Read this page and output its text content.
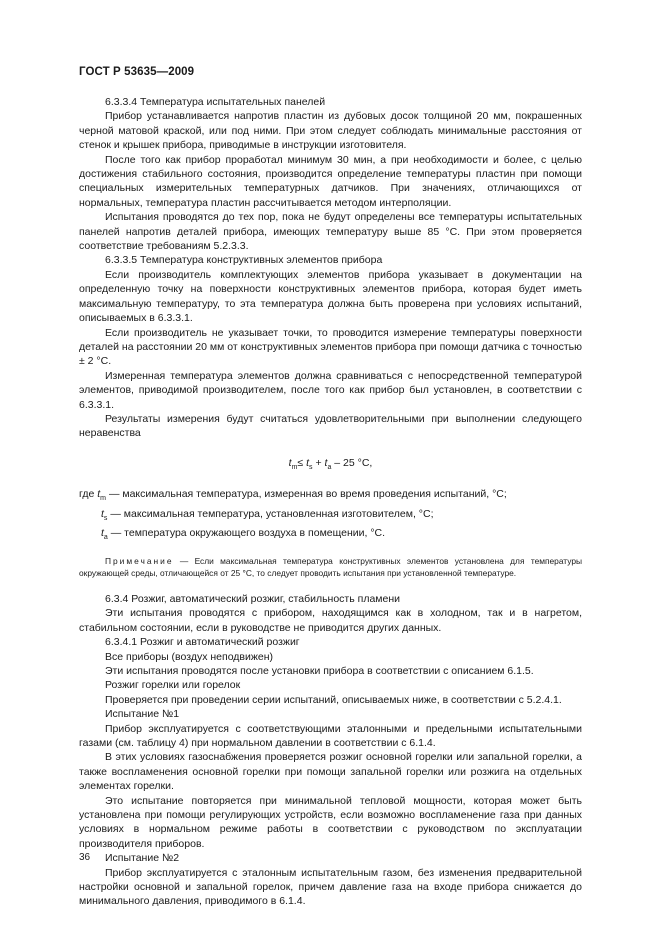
ГОСТ Р 53635—2009

6.3.3.4 Температура испытательных панелей

Прибор устанавливается напротив пластин из дубовых досок толщиной 20 мм, покрашенных черной матовой краской, или под ними. При этом следует соблюдать минимальные расстояния от стенок и крышек прибора, приводимые в инструкции изготовителя.

После того как прибор проработал минимум 30 мин, а при необходимости и более, с целью достижения стабильного состояния, производится определение температуры пластин при помощи специальных измерительных температурных датчиков. При значениях, отличающихся от нормальных, температура пластин рассчитывается методом интерполяции.

Испытания проводятся до тех пор, пока не будут определены все температуры испытательных панелей напротив деталей прибора, имеющих температуру выше 85 °C. При этом проверяется соответствие требованиям 5.2.3.3.

6.3.3.5 Температура конструктивных элементов прибора

Если производитель комплектующих элементов прибора указывает в документации на определенную точку на поверхности конструктивных элементов прибора, которая будет иметь максимальную температуру, то эта температура должна быть проверена при условиях испытаний, описываемых в 6.3.3.1.

Если производитель не указывает точки, то проводится измерение температуры поверхности деталей на расстоянии 20 мм от конструктивных элементов прибора при помощи датчика с точностью ± 2 °C.

Измеренная температура элементов должна сравниваться с непосредственной температурой элементов, приводимой производителем, после того как прибор был установлен, в соответствии с 6.3.3.1.

Результаты измерения будут считаться удовлетворительными при выполнении следующего неравенства

$t_m\le t_s + t_a - 25$ °C,
где $t_m$ — максимальная температура, измеренная во время проведения испытаний, °C;
$t_s$ — максимальная температура, установленная изготовителем, °C;
$t_a$ — температура окружающего воздуха в помещении, °C.

Примечание — Если максимальная температура конструктивных элементов установлена для температуры окружающей среды, отличающейся от 25 °C, то следует проводить испытания при установленной температуре.

6.3.4 Розжиг, автоматический розжиг, стабильность пламени

Эти испытания проводятся с прибором, находящимся как в холодном, так и в нагретом, стабильном состоянии, если в руководстве не приводится других данных.

6.3.4.1 Розжиг и автоматический розжиг

Все приборы (воздух неподвижен)

Эти испытания проводятся после установки прибора в соответствии с описанием 6.1.5.

Розжиг горелки или горелок

Проверяется при проведении серии испытаний, описываемых ниже, в соответствии с 5.2.4.1.

Испытание №1

Прибор эксплуатируется с соответствующими эталонными и предельными испытательными газами (см. таблицу 4) при нормальном давлении в соответствии с 6.1.4.

В этих условиях газоснабжения проверяется розжиг основной горелки или запальной горелки, а также воспламенения основной горелки при помощи запальной горелки или розжига на отдельных элементах горелки.

Это испытание повторяется при минимальной тепловой мощности, которая может быть установлена при помощи регулирующих устройств, если возможно воспламенение газа при данных условиях в нормальном режиме работы в соответствии с руководством по эксплуатации производителя приборов.

Испытание №2

Прибор эксплуатируется с эталонным испытательным газом, без изменения предварительной настройки основной и запальной горелок, причем давление газа на входе прибора снижается до минимального давления, приводимого в 6.1.4.

36
